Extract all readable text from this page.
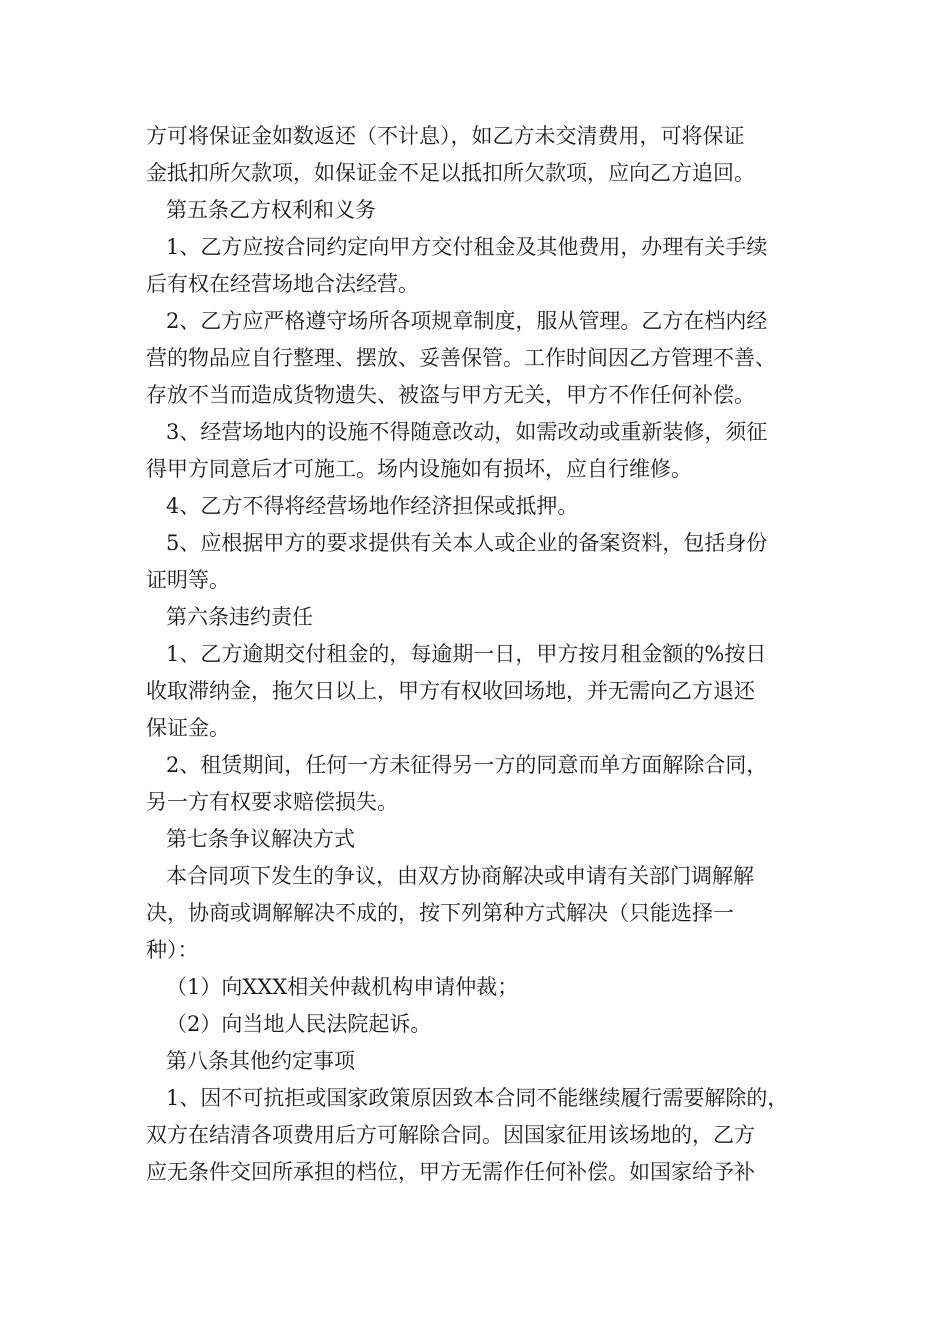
方可将保证金如数返还（不计息），如乙方未交清费用，可将保证
金抵扣所欠款项，如保证金不足以抵扣所欠款项，应向乙方追回。
第五条乙方权利和义务
1、乙方应按合同约定向甲方交付租金及其他费用，办理有关手续
后有权在经营场地合法经营。
2、乙方应严格遵守场所各项规章制度，服从管理。乙方在档内经
营的物品应自行整理、摆放、妥善保管。工作时间因乙方管理不善、
存放不当而造成货物遗失、被盗与甲方无关，甲方不作任何补偿。
3、经营场地内的设施不得随意改动，如需改动或重新装修，须征
得甲方同意后才可施工。场内设施如有损坏，应自行维修。
4、乙方不得将经营场地作经济担保或抵押。
5、应根据甲方的要求提供有关本人或企业的备案资料，包括身份
证明等。
第六条违约责任
1、乙方逾期交付租金的，每逾期一日，甲方按月租金额的%按日
收取滞纳金，拖欠日以上，甲方有权收回场地，并无需向乙方退还
保证金。
2、租赁期间，任何一方未征得另一方的同意而单方面解除合同，
另一方有权要求赔偿损失。
第七条争议解决方式
本合同项下发生的争议，由双方协商解决或申请有关部门调解解
决，协商或调解解决不成的，按下列第种方式解决（只能选择一
种）：
（1）向XXX相关仲裁机构申请仲裁；
（2）向当地人民法院起诉。
第八条其他约定事项
1、因不可抗拒或国家政策原因致本合同不能继续履行需要解除的，
双方在结清各项费用后方可解除合同。因国家征用该场地的，乙方
应无条件交回所承担的档位，甲方无需作任何补偿。如国家给予补
